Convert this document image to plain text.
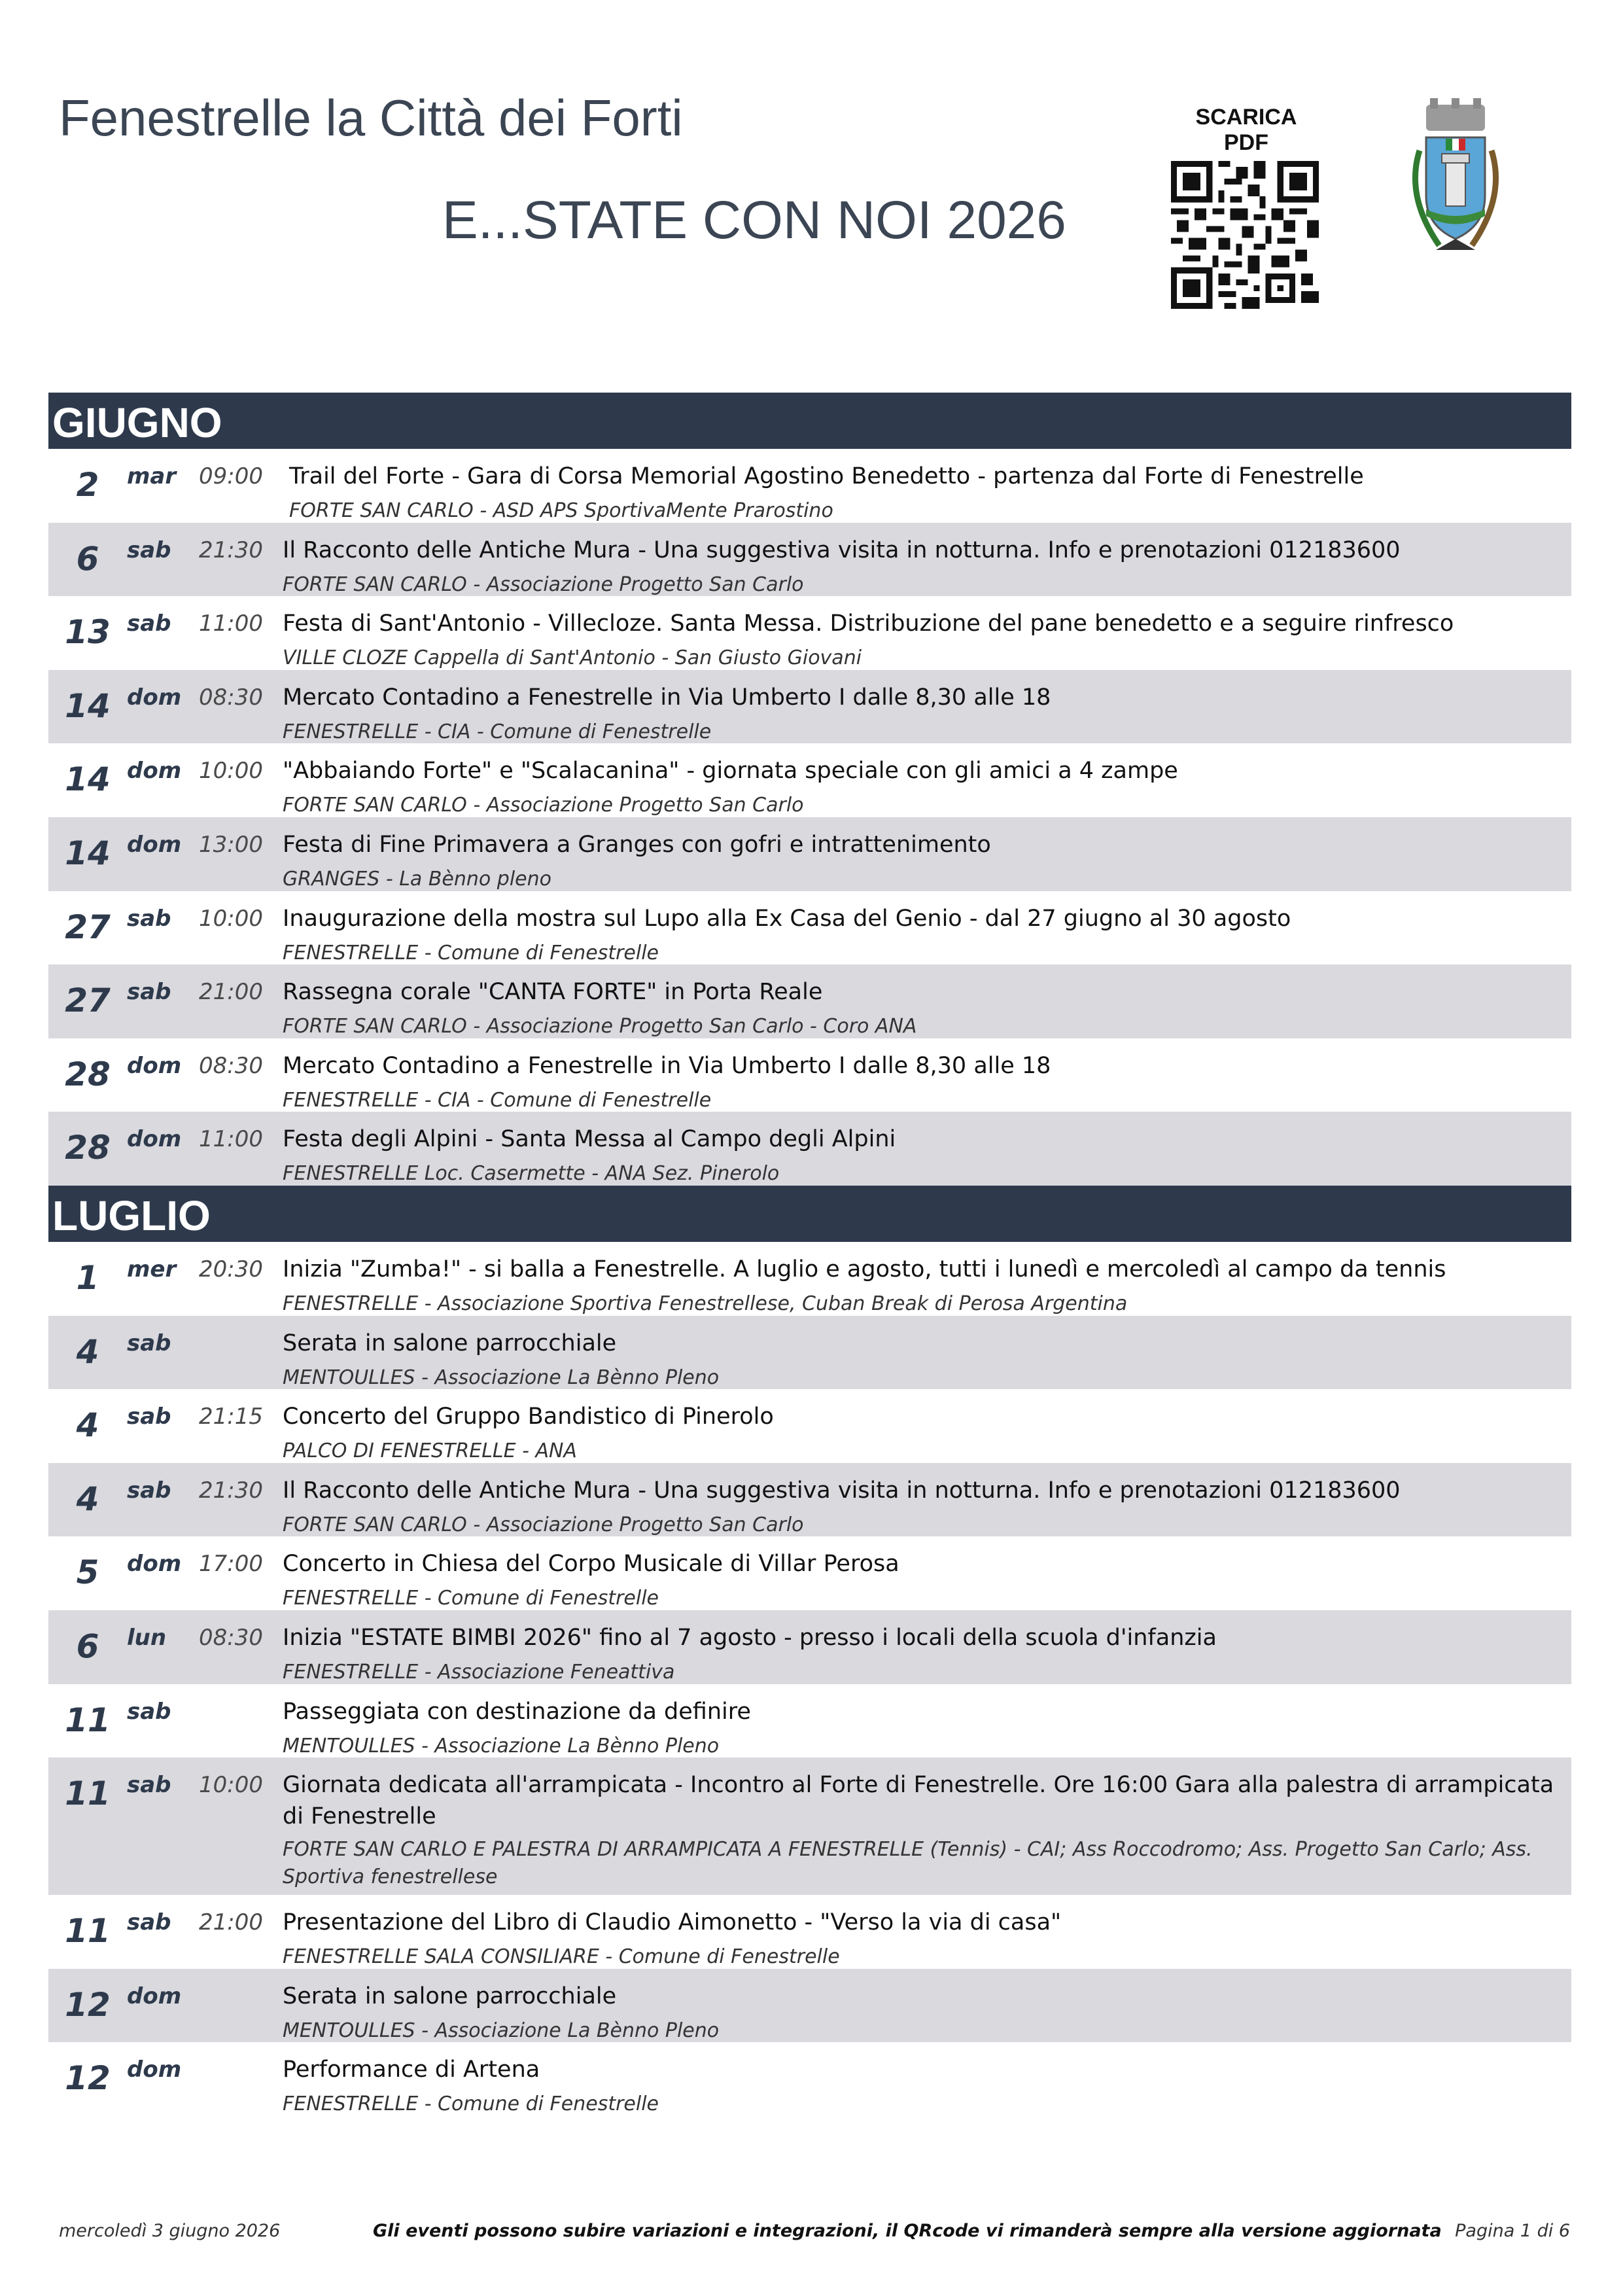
Fenestrelle la Città dei Forti
E...STATE CON NOI 2026
SCARICA PDF
GIUGNO
2	mar 09:00 Trail del Forte - Gara di Corsa Memorial Agostino Benedetto - partenza dal Forte di Fenestrelle
FORTE SAN CARLO - ASD APS SportivaMente Prarostino
6	sab 21:30 Il Racconto delle Antiche Mura - Una suggestiva visita in notturna. Info e prenotazioni 012183600
FORTE SAN CARLO - Associazione Progetto San Carlo
13 sab 11:00 Festa di Sant'Antonio - Villecloze. Santa Messa. Distribuzione del pane benedetto e a seguire rinfresco
VILLE CLOZE Cappella di Sant'Antonio - San Giusto Giovani
14 dom 08:30 Mercato Contadino a Fenestrelle in Via Umberto I dalle 8,30 alle 18
FENESTRELLE - CIA - Comune di Fenestrelle
14 dom 10:00 "Abbaiando Forte" e "Scalacanina" - giornata speciale con gli amici a 4 zampe
FORTE SAN CARLO - Associazione Progetto San Carlo
14 dom 13:00 Festa di Fine Primavera a Granges con gofri e intrattenimento
GRANGES - La Bènno pleno
27 sab 10:00 Inaugurazione della mostra sul Lupo alla Ex Casa del Genio - dal 27 giugno al 30 agosto
FENESTRELLE - Comune di Fenestrelle
27 sab 21:00 Rassegna corale "CANTA FORTE" in Porta Reale
FORTE SAN CARLO - Associazione Progetto San Carlo - Coro ANA
28 dom 08:30 Mercato Contadino a Fenestrelle in Via Umberto I dalle 8,30 alle 18
FENESTRELLE - CIA - Comune di Fenestrelle
28 dom 11:00 Festa degli Alpini - Santa Messa al Campo degli Alpini
FENESTRELLE Loc. Casermette - ANA Sez. Pinerolo
LUGLIO
1	mer 20:30 Inizia "Zumba!" - si balla a Fenestrelle. A luglio e agosto, tutti i lunedì e mercoledì al campo da tennis
FENESTRELLE - Associazione Sportiva Fenestrellese, Cuban Break di Perosa Argentina
4	sab	Serata in salone parrocchiale
MENTOULLES - Associazione La Bènno Pleno
4	sab 21:15 Concerto del Gruppo Bandistico di Pinerolo
PALCO DI FENESTRELLE - ANA
4	sab 21:30 Il Racconto delle Antiche Mura - Una suggestiva visita in notturna. Info e prenotazioni 012183600
FORTE SAN CARLO - Associazione Progetto San Carlo
5	dom 17:00 Concerto in Chiesa del Corpo Musicale di Villar Perosa
FENESTRELLE - Comune di Fenestrelle
6	lun 08:30 Inizia "ESTATE BIMBI 2026" fino al 7 agosto - presso i locali della scuola d'infanzia
FENESTRELLE - Associazione Feneattiva
11 sab	Passeggiata con destinazione da definire
MENTOULLES - Associazione La Bènno Pleno
11 sab 10:00 Giornata dedicata all'arrampicata - Incontro al Forte di Fenestrelle. Ore 16:00 Gara alla palestra di arrampicata di Fenestrelle
FORTE SAN CARLO E PALESTRA DI ARRAMPICATA A FENESTRELLE (Tennis) - CAI; Ass Roccodromo; Ass. Progetto San Carlo; Ass. Sportiva fenestrellese
11 sab 21:00 Presentazione del Libro di Claudio Aimonetto - "Verso la via di casa"
FENESTRELLE SALA CONSILIARE - Comune di Fenestrelle
12 dom	Serata in salone parrocchiale
MENTOULLES - Associazione La Bènno Pleno
12 dom	Performance di Artena
FENESTRELLE - Comune di Fenestrelle
mercoledì 3 giugno 2026	Gli eventi possono subire variazioni e integrazioni, il QRcode vi rimanderà sempre alla versione aggiornata Pagina 1 di 6
